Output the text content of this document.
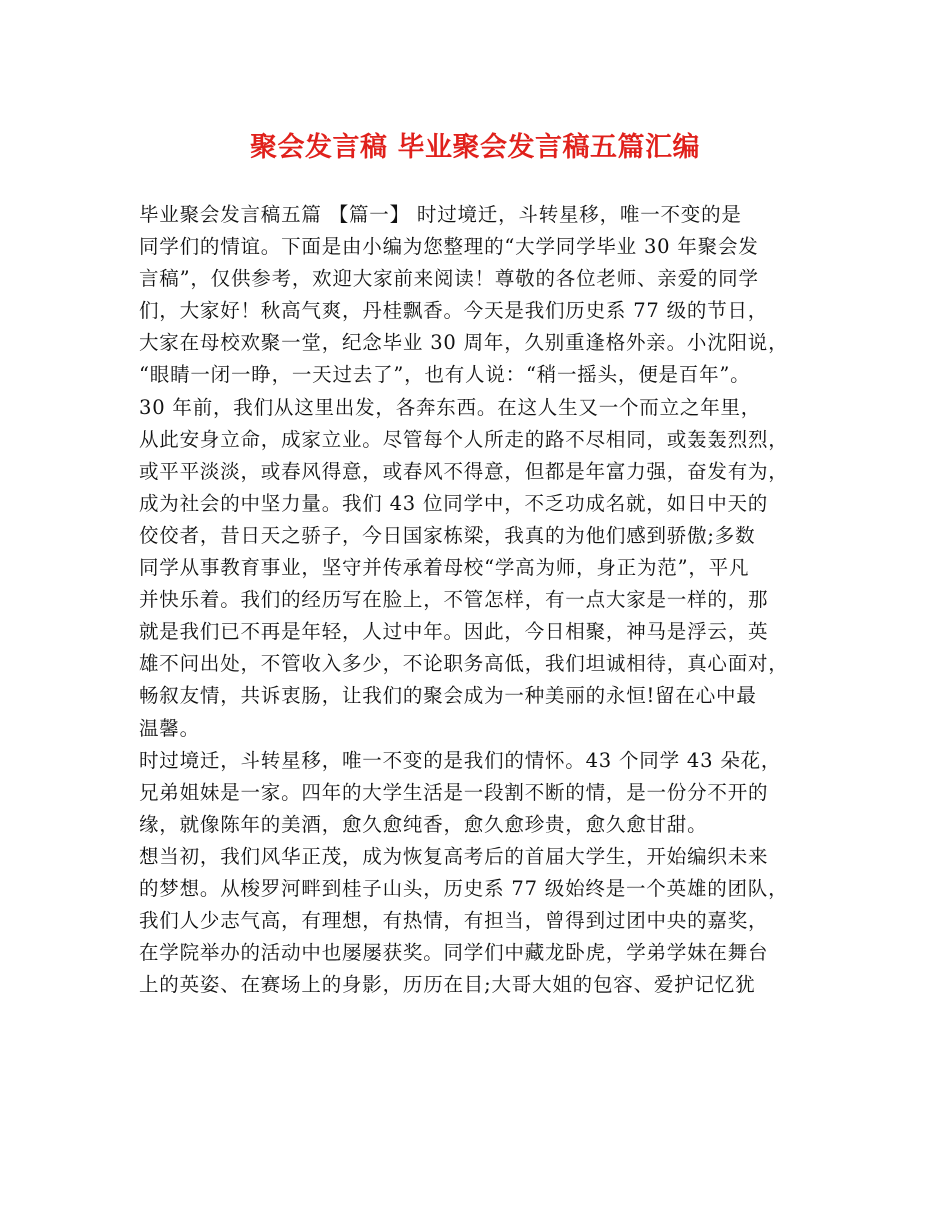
聚会发言稿 毕业聚会发言稿五篇汇编
毕业聚会发言稿五篇 【篇一】 时过境迁，斗转星移，唯一不变的是
同学们的情谊。下面是由小编为您整理的“大学同学毕业 30 年聚会发
言稿”，仅供参考，欢迎大家前来阅读！尊敬的各位老师、亲爱的同学
们，大家好！秋高气爽，丹桂飘香。今天是我们历史系 77 级的节日，
大家在母校欢聚一堂，纪念毕业 30 周年，久别重逢格外亲。小沈阳说，
“眼睛一闭一睁，一天过去了”，也有人说：“稍一摇头，便是百年”。
30 年前，我们从这里出发，各奔东西。在这人生又一个而立之年里，
从此安身立命，成家立业。尽管每个人所走的路不尽相同，或轰轰烈烈，
或平平淡淡，或春风得意，或春风不得意，但都是年富力强，奋发有为，
成为社会的中坚力量。我们 43 位同学中，不乏功成名就，如日中天的
佼佼者，昔日天之骄子，今日国家栋梁，我真的为他们感到骄傲;多数
同学从事教育事业，坚守并传承着母校“学高为师，身正为范”，平凡
并快乐着。我们的经历写在脸上，不管怎样，有一点大家是一样的，那
就是我们已不再是年轻，人过中年。因此，今日相聚，神马是浮云，英
雄不问出处，不管收入多少，不论职务高低，我们坦诚相待，真心面对，
畅叙友情，共诉衷肠，让我们的聚会成为一种美丽的永恒!留在心中最
温馨。
时过境迁，斗转星移，唯一不变的是我们的情怀。43 个同学 43 朵花，
兄弟姐妹是一家。四年的大学生活是一段割不断的情，是一份分不开的
缘，就像陈年的美酒，愈久愈纯香，愈久愈珍贵，愈久愈甘甜。
想当初，我们风华正茂，成为恢复高考后的首届大学生，开始编织未来
的梦想。从梭罗河畔到桂子山头，历史系 77 级始终是一个英雄的团队，
我们人少志气高，有理想，有热情，有担当，曾得到过团中央的嘉奖，
在学院举办的活动中也屡屡获奖。同学们中藏龙卧虎，学弟学妹在舞台
上的英姿、在赛场上的身影，历历在目;大哥大姐的包容、爱护记忆犹
